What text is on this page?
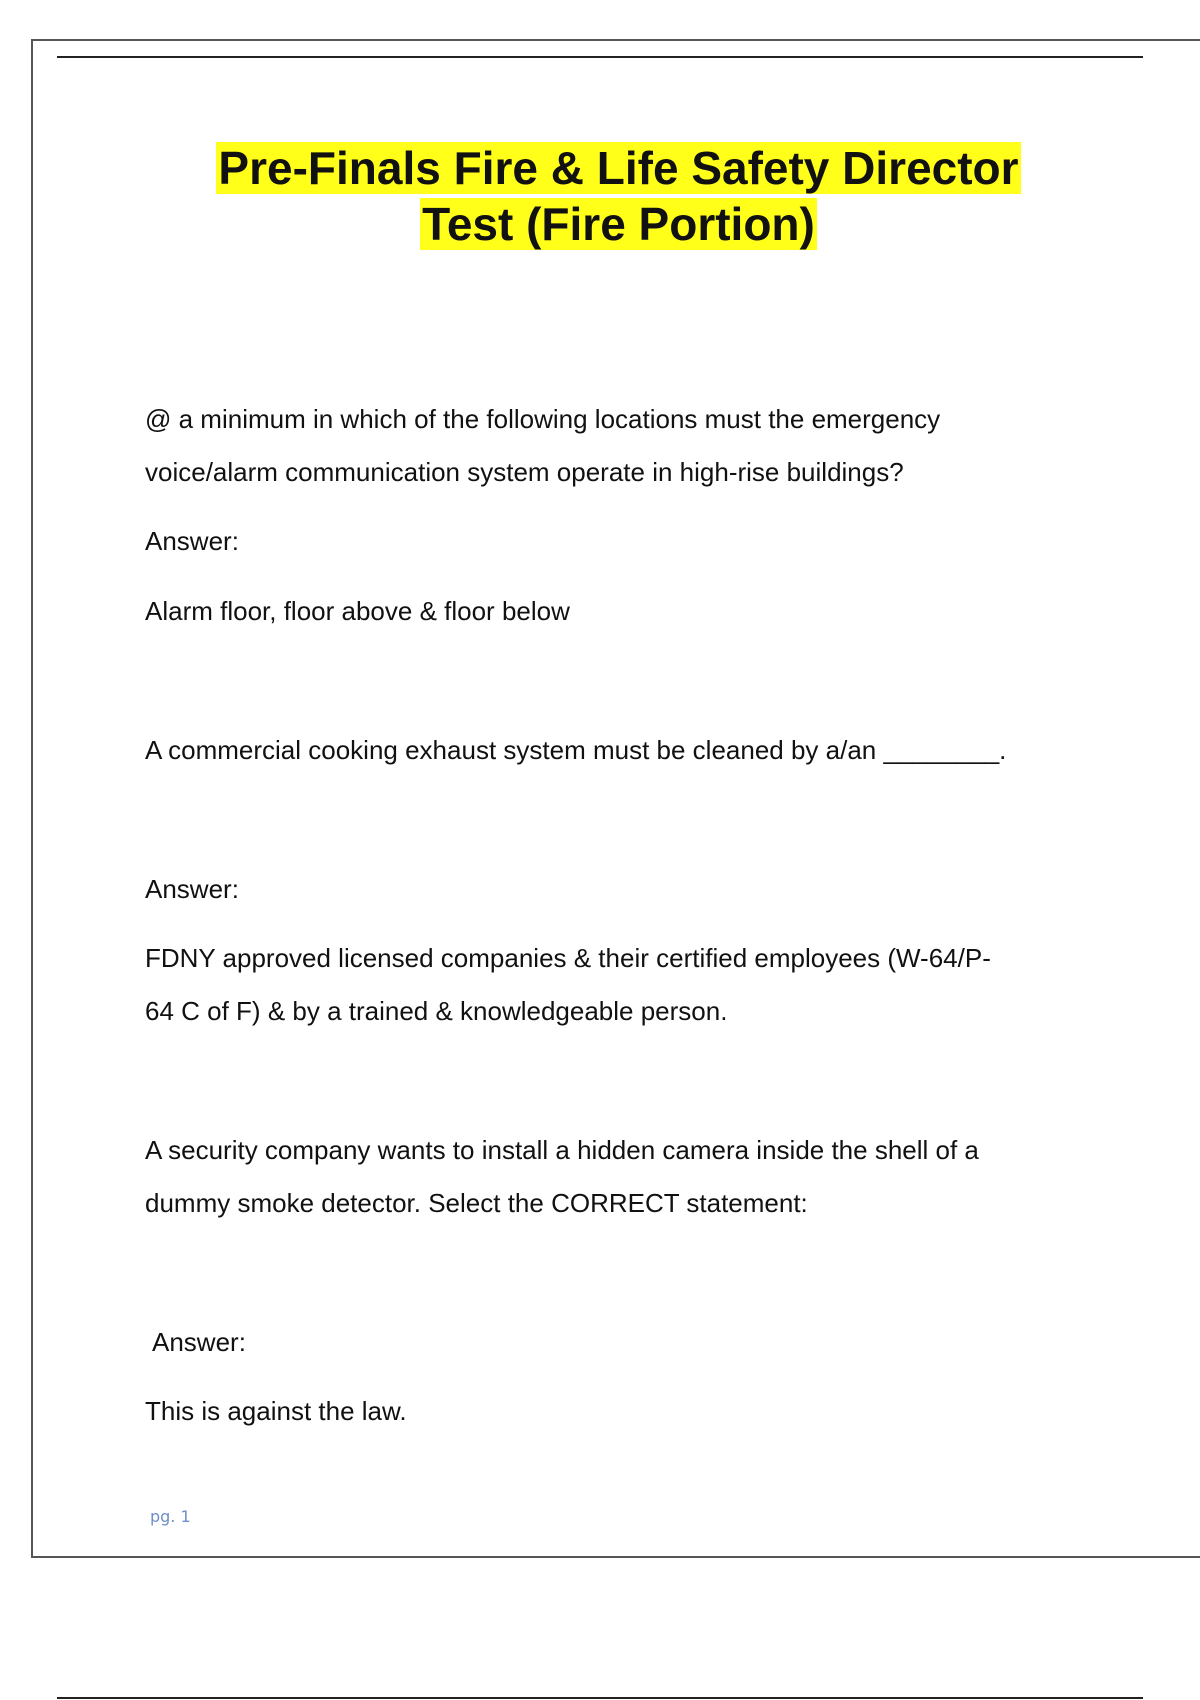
Pre-Finals Fire & Life Safety Director
Test (Fire Portion)

@ a minimum in which of the following locations must the emergency

voice/alarm communication system operate in high-rise buildings?

Answer:

Alarm floor, floor above & floor below

A commercial cooking exhaust system must be cleaned by a/an ________.

Answer:

FDNY approved licensed companies & their certified employees (W-64/P-

64 C of F) & by a trained & knowledgeable person.

A security company wants to install a hidden camera inside the shell of a

dummy smoke detector. Select the CORRECT statement:

Answer:

This is against the law.

pg. 1
